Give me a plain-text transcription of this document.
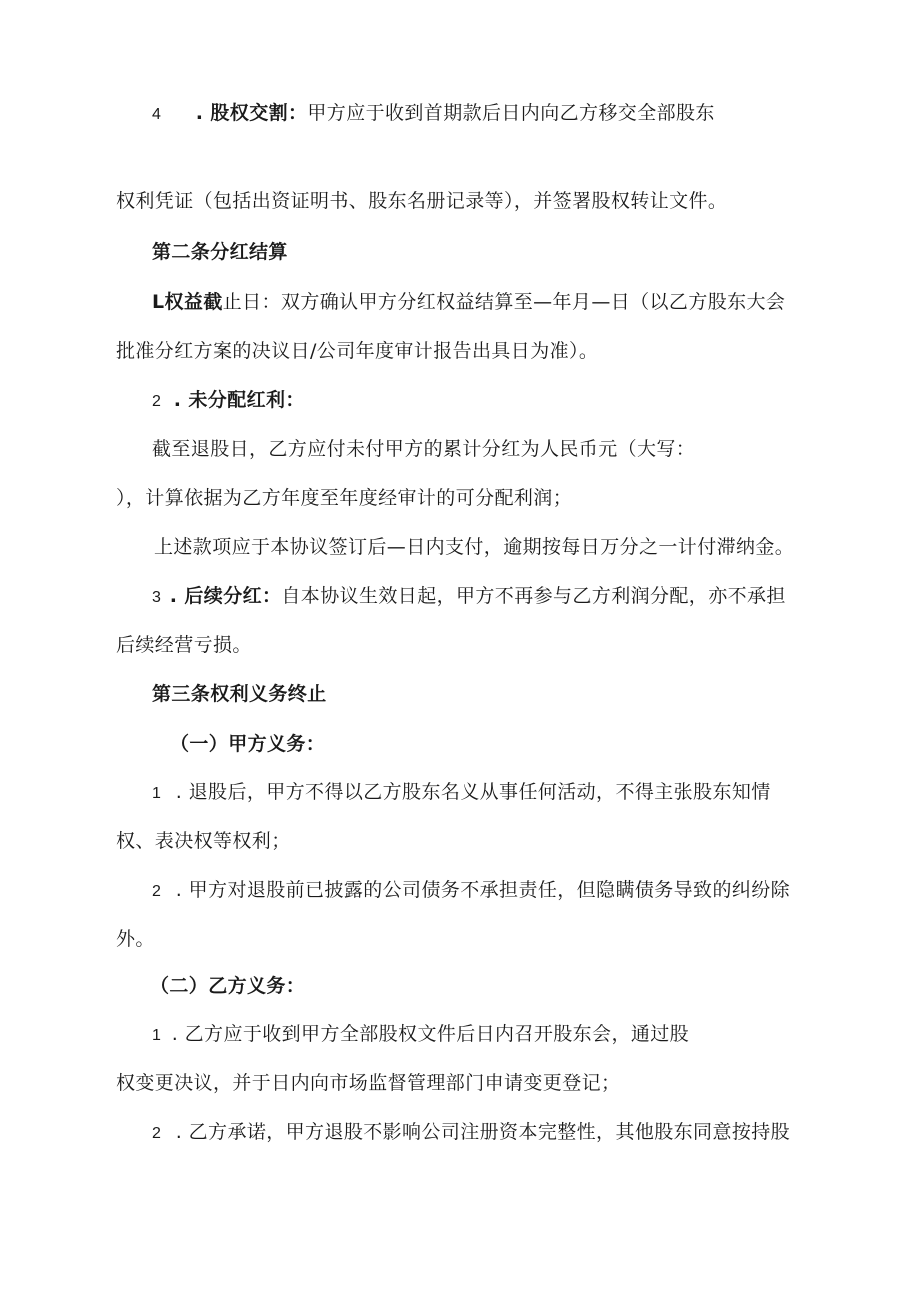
4 . 股权交割：甲方应于收到首期款后日内向乙方移交全部股东
权利凭证（包括出资证明书、股东名册记录等），并签署股权转让文件。
第二条分红结算
L权益截止日：双方确认甲方分红权益结算至—年月—日（以乙方股东大会
批准分红方案的决议日/公司年度审计报告出具日为准）。
2 . 未分配红利：
截至退股日，乙方应付未付甲方的累计分红为人民币元（大写：
），计算依据为乙方年度至年度经审计的可分配利润；
上述款项应于本协议签订后—日内支付，逾期按每日万分之一计付滞纳金。
3 . 后续分红：自本协议生效日起，甲方不再参与乙方利润分配，亦不承担
后续经营亏损。
第三条权利义务终止
（一）甲方义务：
1 . 退股后，甲方不得以乙方股东名义从事任何活动，不得主张股东知情
权、表决权等权利；
2 . 甲方对退股前已披露的公司债务不承担责任，但隐瞒债务导致的纠纷除
外。
（二）乙方义务：
1 . 乙方应于收到甲方全部股权文件后日内召开股东会，通过股
权变更决议，并于日内向市场监督管理部门申请变更登记；
2 . 乙方承诺，甲方退股不影响公司注册资本完整性，其他股东同意按持股
